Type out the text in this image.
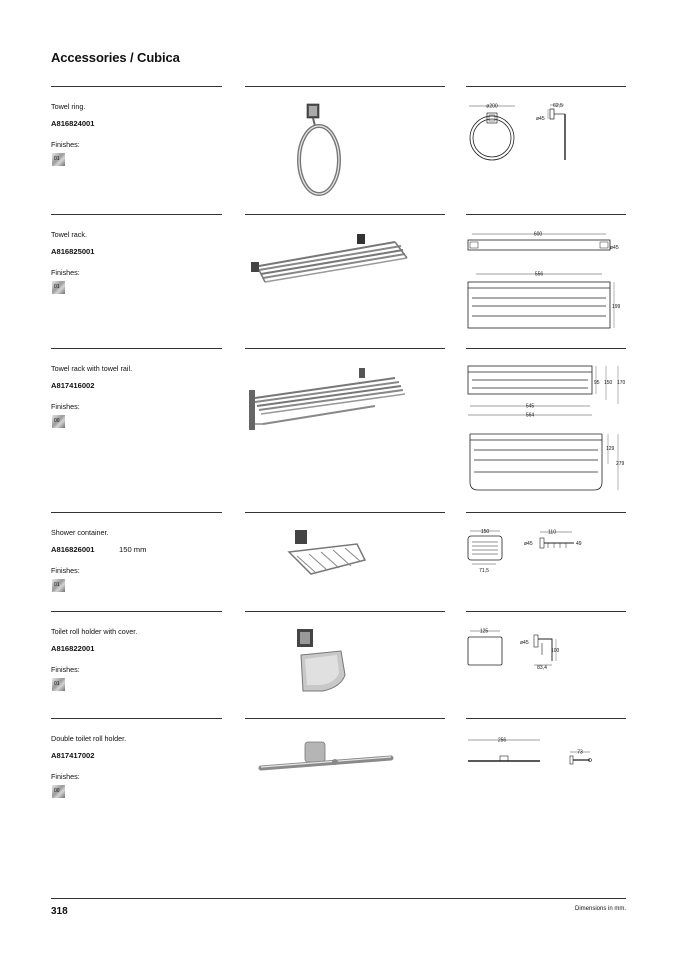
Accessories / Cubica
Towel ring.
A816824001
Finishes:
01
ø200	62,5
ø45
Towel rack.
A816825001
Finishes:
01
600
ø45
556
199
Towel rack with towel rail.
A817416002
Finishes:
00
95 150 170
545
564
129
279
Shower container.
A816826001	150 mm
Finishes:
01
150
71,5
110
ø45	49
Toilet roll holder with cover.
A816822001
Finishes:
01
125
ø45
100
83,4
Double toilet roll holder.
A817417002
Finishes:
00
256
73
318	Dimensions in mm.
